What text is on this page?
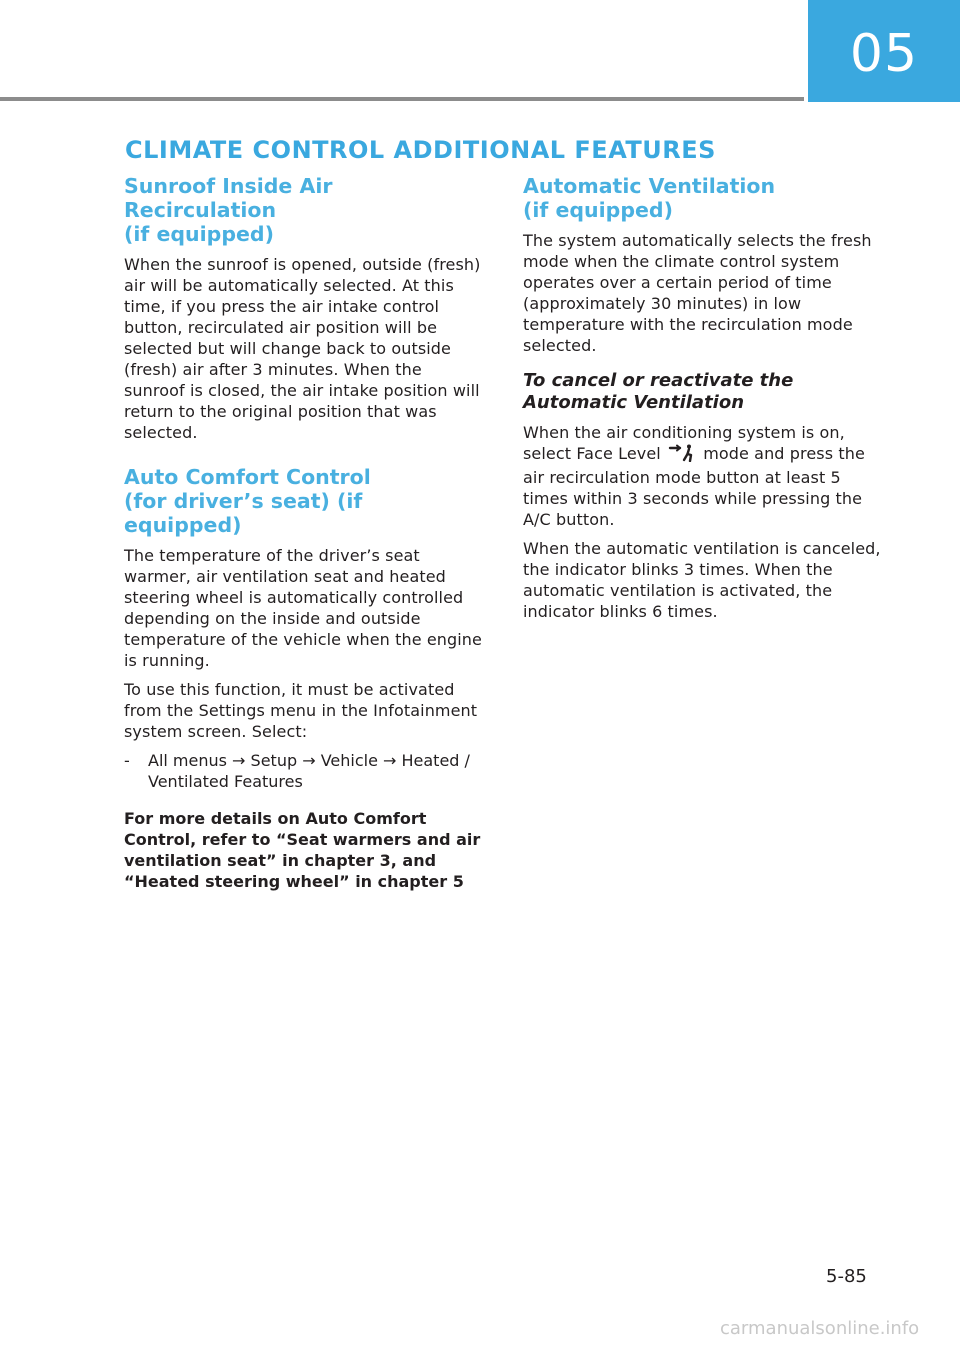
05
CLIMATE CONTROL ADDITIONAL FEATURES
Sunroof Inside Air Recirculation
(if equipped)

When the sunroof is opened, outside (fresh) air will be automatically selected. At this time, if you press the air intake control button, recirculated air position will be selected but will change back to outside (fresh) air after 3 minutes. When the sunroof is closed, the air intake position will return to the original position that was selected.

Auto Comfort Control
(for driver’s seat) (if equipped)

The temperature of the driver’s seat warmer, air ventilation seat and heated steering wheel is automatically controlled depending on the inside and outside temperature of the vehicle when the engine is running.

To use this function, it must be activated from the Settings menu in the Infotainment system screen. Select:

-	All menus → Setup → Vehicle → Heated / Ventilated Features

For more details on Auto Comfort Control, refer to “Seat warmers and air ventilation seat” in chapter 3, and “Heated steering wheel” in chapter 5

Automatic Ventilation
(if equipped)

The system automatically selects the fresh mode when the climate control system operates over a certain period of time (approximately 30 minutes) in low temperature with the recirculation mode selected.

To cancel or reactivate the
Automatic Ventilation

When the air conditioning system is on, select Face Level	mode and press the air recirculation mode button at least 5 times within 3 seconds while pressing the A/C button.

When the automatic ventilation is canceled, the indicator blinks 3 times. When the automatic ventilation is activated, the indicator blinks 6 times.

5-85
carmanualsonline.info
